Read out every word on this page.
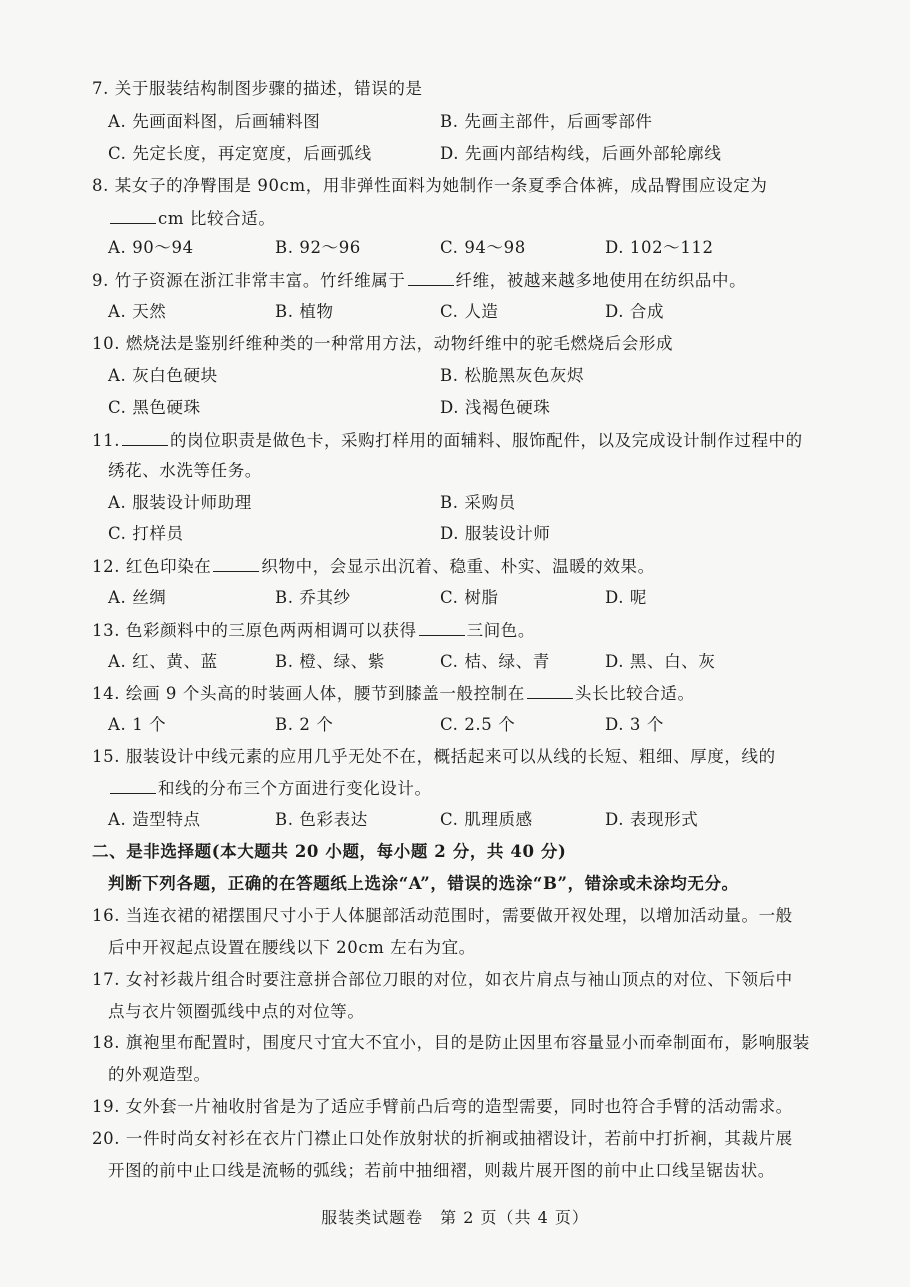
7. 关于服装结构制图步骤的描述，错误的是
A. 先画面料图，后画辅料图	B. 先画主部件，后画零部件
C. 先定长度，再定宽度，后画弧线	D. 先画内部结构线，后画外部轮廓线
8. 某女子的净臀围是 90cm，用非弹性面料为她制作一条夏季合体裤，成品臀围应设定为
cm 比较合适。
A. 90～94	B. 92～96	C. 94～98	D. 102～112
9. 竹子资源在浙江非常丰富。竹纤维属于	纤维，被越来越多地使用在纺织品中。
A. 天然	B. 植物	C. 人造	D. 合成
10. 燃烧法是鉴别纤维种类的一种常用方法，动物纤维中的驼毛燃烧后会形成
A. 灰白色硬块	B. 松脆黑灰色灰烬
C. 黑色硬珠	D. 浅褐色硬珠
11.	的岗位职责是做色卡，采购打样用的面辅料、服饰配件，以及完成设计制作过程中的
绣花、水洗等任务。
A. 服装设计师助理	B. 采购员
C. 打样员	D. 服装设计师
12. 红色印染在	织物中，会显示出沉着、稳重、朴实、温暖的效果。
A. 丝绸	B. 乔其纱	C. 树脂	D. 呢
13. 色彩颜料中的三原色两两相调可以获得	三间色。
A. 红、黄、蓝	B. 橙、绿、紫	C. 桔、绿、青	D. 黑、白、灰
14. 绘画 9 个头高的时装画人体，腰节到膝盖一般控制在	头长比较合适。
A. 1 个	B. 2 个	C. 2.5 个	D. 3 个
15. 服装设计中线元素的应用几乎无处不在，概括起来可以从线的长短、粗细、厚度，线的
和线的分布三个方面进行变化设计。
A. 造型特点	B. 色彩表达	C. 肌理质感	D. 表现形式
二、是非选择题(本大题共 20 小题，每小题 2 分，共 40 分)
判断下列各题，正确的在答题纸上选涂“A”，错误的选涂“B”，错涂或未涂均无分。
16. 当连衣裙的裙摆围尺寸小于人体腿部活动范围时，需要做开衩处理，以增加活动量。一般
后中开衩起点设置在腰线以下 20cm 左右为宜。
17. 女衬衫裁片组合时要注意拼合部位刀眼的对位，如衣片肩点与袖山顶点的对位、下领后中
点与衣片领圈弧线中点的对位等。
18. 旗袍里布配置时，围度尺寸宜大不宜小，目的是防止因里布容量显小而牵制面布，影响服装
的外观造型。
19. 女外套一片袖收肘省是为了适应手臂前凸后弯的造型需要，同时也符合手臂的活动需求。
20. 一件时尚女衬衫在衣片门襟止口处作放射状的折裥或抽褶设计，若前中打折裥，其裁片展
开图的前中止口线是流畅的弧线；若前中抽细褶，则裁片展开图的前中止口线呈锯齿状。
服装类试题卷　第 2 页（共 4 页）
